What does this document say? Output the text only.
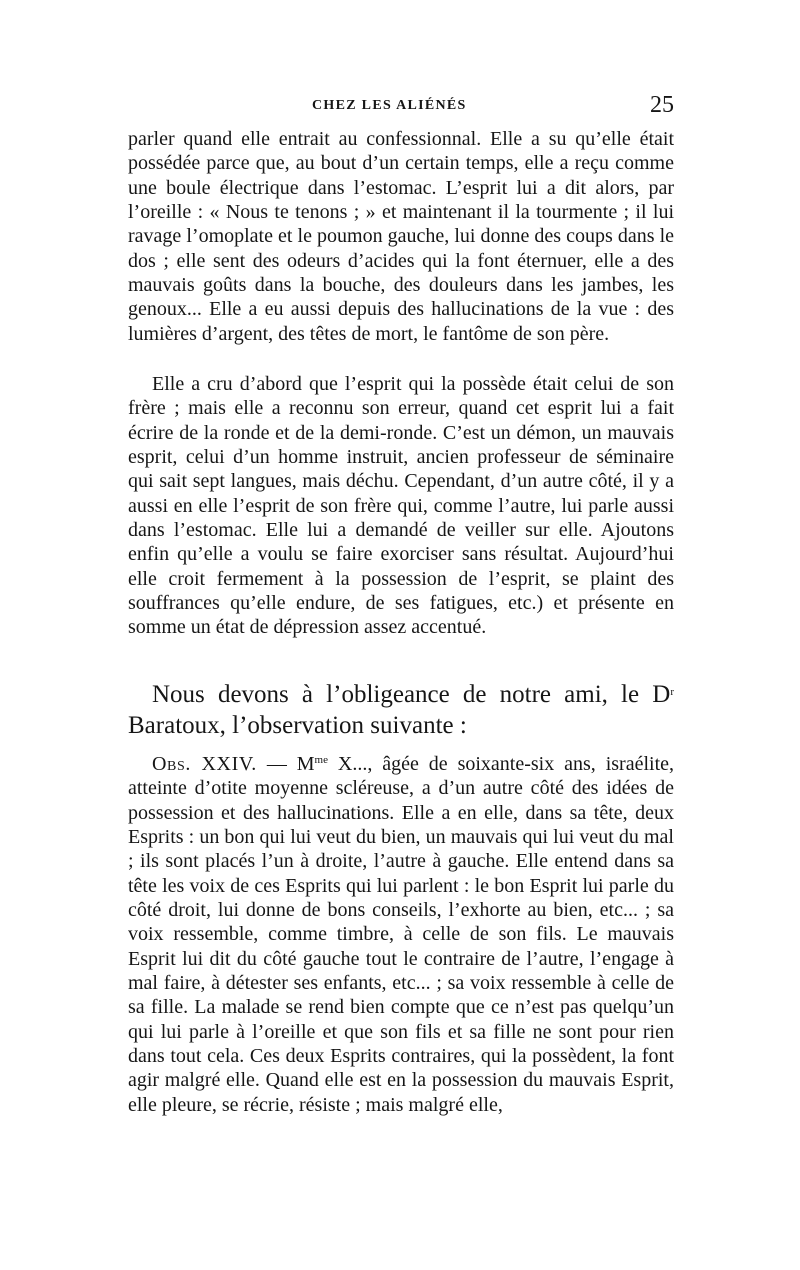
CHEZ LES ALIÉNÉS	25

parler quand elle entrait au confessionnal. Elle a su qu’elle était possédée parce que, au bout d’un certain temps, elle a reçu comme une boule électrique dans l’estomac. L’esprit lui a dit alors, par l’oreille : « Nous te tenons ; » et maintenant il la tourmente ; il lui ravage l’omoplate et le poumon gauche, lui donne des coups dans le dos ; elle sent des odeurs d’acides qui la font éternuer, elle a des mauvais goûts dans la bouche, des douleurs dans les jambes, les genoux... Elle a eu aussi depuis des hallucinations de la vue : des lumières d’argent, des têtes de mort, le fantôme de son père.

Elle a cru d’abord que l’esprit qui la possède était celui de son frère ; mais elle a reconnu son erreur, quand cet esprit lui a fait écrire de la ronde et de la demi-ronde. C’est un démon, un mauvais esprit, celui d’un homme instruit, ancien professeur de séminaire qui sait sept langues, mais déchu. Cependant, d’un autre côté, il y a aussi en elle l’esprit de son frère qui, comme l’autre, lui parle aussi dans l’estomac. Elle lui a demandé de veiller sur elle. Ajoutons enfin qu’elle a voulu se faire exorciser sans résultat. Aujourd’hui elle croit fermement à la possession de l’esprit, se plaint des souffrances qu’elle endure, de ses fatigues, etc.) et présente en somme un état de dépression assez accentué.

Nous devons à l’obligeance de notre ami, le $D^r$ Baratoux, l’observation suivante :

Obs. XXIV. — $M^{me}$ X..., âgée de soixante-six ans, israélite, atteinte d’otite moyenne scléreuse, a d’un autre côté des idées de possession et des hallucinations. Elle a en elle, dans sa tête, deux Esprits : un bon qui lui veut du bien, un mauvais qui lui veut du mal ; ils sont placés l’un à droite, l’autre à gauche. Elle entend dans sa tête les voix de ces Esprits qui lui parlent : le bon Esprit lui parle du côté droit, lui donne de bons conseils, l’exhorte au bien, etc... ; sa voix ressemble, comme timbre, à celle de son fils. Le mauvais Esprit lui dit du côté gauche tout le contraire de l’autre, l’engage à mal faire, à détester ses enfants, etc... ; sa voix ressemble à celle de sa fille. La malade se rend bien compte que ce n’est pas quelqu’un qui lui parle à l’oreille et que son fils et sa fille ne sont pour rien dans tout cela. Ces deux Esprits contraires, qui la possèdent, la font agir malgré elle. Quand elle est en la possession du mauvais Esprit, elle pleure, se récrie, résiste ; mais malgré elle,
